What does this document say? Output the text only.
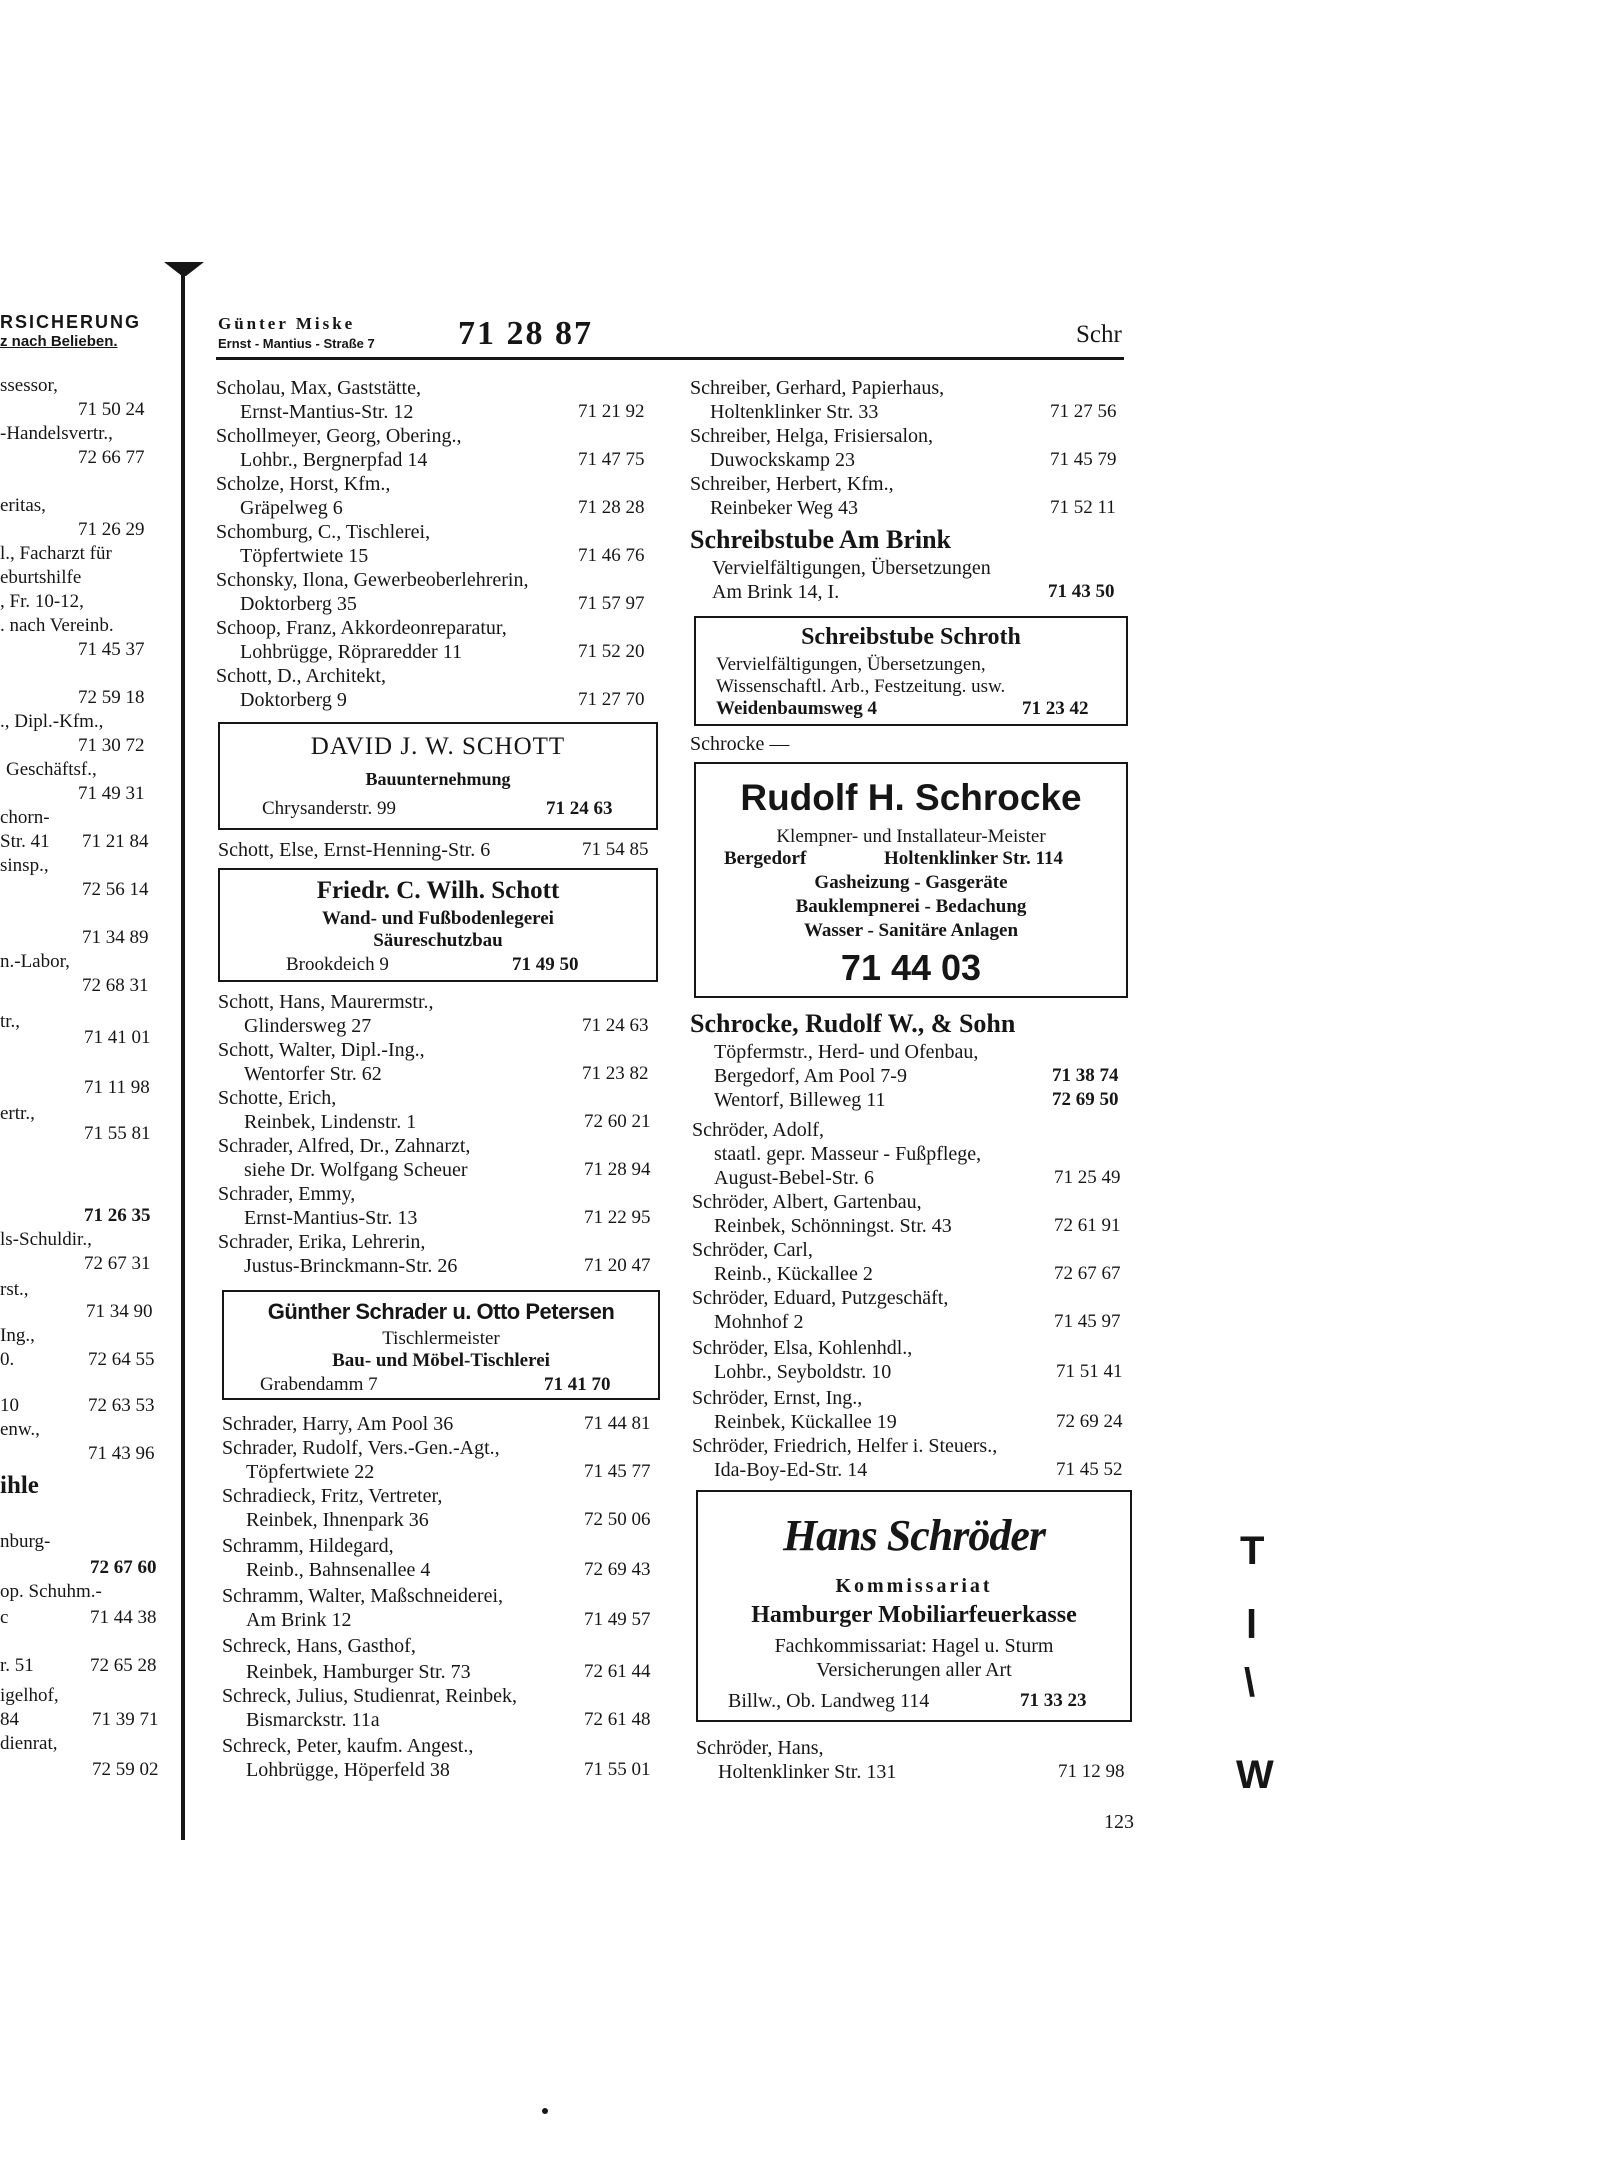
RSICHERUNG
z nach Belieben.
ssessor,
71 50 24
-Handelsvertr.,
72 66 77
eritas,
71 26 29
l., Facharzt für
eburtshilfe
, Fr. 10-12,
. nach Vereinb.
71 45 37
72 59 18
., Dipl.-Kfm.,
71 30 72
Geschäftsf.,
71 49 31
chorn-
Str. 41 71 21 84
sinsp.,
72 56 14
71 34 89
n.-Labor,
72 68 31
tr.,
71 41 01
71 11 98
ertr.,
71 55 81
71 26 35
ls-Schuldir.,
72 67 31
rst.,
71 34 90
Ing.,
0.	72 64 55
10	72 63 53
enw.,
71 43 96
ihle
nburg-
72 67 60
op. Schuhm.-
c	71 44 38
r. 51	72 65 28
igelhof,
84	71 39 71
dienrat,
72 59 02
Günter Miske
Ernst - Mantius - Straße 7 71 28 87	Schr
Scholau, Max, Gaststätte,
Ernst-Mantius-Str. 12	71 21 92
Schollmeyer, Georg, Obering.,
Lohbr., Bergnerpfad 14	71 47 75
Scholze, Horst, Kfm.,
Gräpelweg 6	71 28 28
Schomburg, C., Tischlerei,
Töpfertwiete 15	71 46 76
Schonsky, Ilona, Gewerbeoberlehrerin,
Doktorberg 35	71 57 97
Schoop, Franz, Akkordeonreparatur,
Lohbrügge, Röpraredder 11	71 52 20
Schott, D., Architekt,
Doktorberg 9	71 27 70
DAVID J. W. SCHOTT
Bauunternehmung
Chrysanderstr. 99	71 24 63
Schott, Else, Ernst-Henning-Str. 6	71 54 85
Friedr. C. Wilh. Schott
Wand- und Fußbodenlegerei
Säureschutzbau
Brookdeich 9	71 49 50
Schott, Hans, Maurermstr.,
Glindersweg 27	71 24 63
Schott, Walter, Dipl.-Ing.,
Wentorfer Str. 62	71 23 82
Schotte, Erich,
Reinbek, Lindenstr. 1	72 60 21
Schrader, Alfred, Dr., Zahnarzt,
siehe Dr. Wolfgang Scheuer	71 28 94
Schrader, Emmy,
Ernst-Mantius-Str. 13	71 22 95
Schrader, Erika, Lehrerin,
Justus-Brinckmann-Str. 26	71 20 47
Günther Schrader u. Otto Petersen
Tischlermeister
Bau- und Möbel-Tischlerei
Grabendamm 7	71 41 70
Schrader, Harry, Am Pool 36	71 44 81
Schrader, Rudolf, Vers.-Gen.-Agt.,
Töpfertwiete 22	71 45 77
Schradieck, Fritz, Vertreter,
Reinbek, Ihnenpark 36	72 50 06
Schramm, Hildegard,
Reinb., Bahnsenallee 4	72 69 43
Schramm, Walter, Maßschneiderei,
Am Brink 12	71 49 57
Schreck, Hans, Gasthof,
Reinbek, Hamburger Str. 73	72 61 44
Schreck, Julius, Studienrat, Reinbek,
Bismarckstr. 11a	72 61 48
Schreck, Peter, kaufm. Angest.,
Lohbrügge, Höperfeld 38	71 55 01
Schreiber, Gerhard, Papierhaus,
Holtenklinker Str. 33	71 27 56
Schreiber, Helga, Frisiersalon,
Duwockskamp 23	71 45 79
Schreiber, Herbert, Kfm.,
Reinbeker Weg 43	71 52 11
Schreibstube Am Brink
Vervielfältigungen, Übersetzungen
Am Brink 14, I.	71 43 50
Schreibstube Schroth
Vervielfältigungen, Übersetzungen,
Wissenschaftl. Arb., Festzeitung. usw.
Weidenbaumsweg 4	71 23 42
Schrocke —
Rudolf H. Schrocke
Klempner- und Installateur-Meister
Bergedorf	Holtenklinker Str. 114
Gasheizung - Gasgeräte
Bauklempnerei - Bedachung
Wasser - Sanitäre Anlagen
71 44 03
Schrocke, Rudolf W., & Sohn
Töpfermstr., Herd- und Ofenbau,
Bergedorf, Am Pool 7-9	71 38 74
Wentorf, Billeweg 11	72 69 50
Schröder, Adolf,
staatl. gepr. Masseur - Fußpflege,
August-Bebel-Str. 6	71 25 49
Schröder, Albert, Gartenbau,
Reinbek, Schönningst. Str. 43	72 61 91
Schröder, Carl,
Reinb., Kückallee 2	72 67 67
Schröder, Eduard, Putzgeschäft,
Mohnhof 2	71 45 97
Schröder, Elsa, Kohlenhdl.,
Lohbr., Seyboldstr. 10	71 51 41
Schröder, Ernst, Ing.,
Reinbek, Kückallee 19	72 69 24
Schröder, Friedrich, Helfer i. Steuers.,
Ida-Boy-Ed-Str. 14	71 45 52
Hans Schröder
Kommissariat
Hamburger Mobiliarfeuerkasse
Fachkommissariat: Hagel u. Sturm
Versicherungen aller Art
Billw., Ob. Landweg 114	71 33 23
Schröder, Hans,
Holtenklinker Str. 131	71 12 98
123
T
l
\
W
